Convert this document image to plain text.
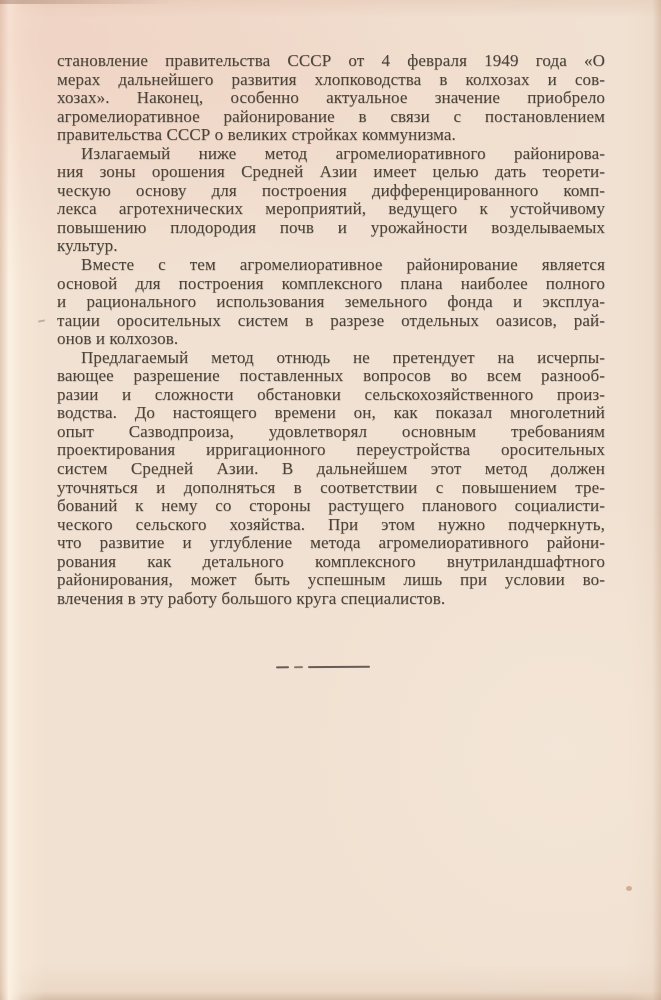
становление правительства СССР от 4 февраля 1949 года «О
мерах дальнейшего развития хлопководства в колхозах и сов-
хозах». Наконец, особенно актуальное значение приобрело
агромелиоративное районирование в связи с постановлением
правительства СССР о великих стройках коммунизма.
Излагаемый ниже метод агромелиоративного районирова-
ния зоны орошения Средней Азии имеет целью дать теорети-
ческую основу для построения дифференцированного комп-
лекса агротехнических мероприятий, ведущего к устойчивому
повышению плодородия почв и урожайности возделываемых
культур.
Вместе с тем агромелиоративное районирование является
основой для построения комплексного плана наиболее полного
и рационального использования земельного фонда и эксплуа-
тации оросительных систем в разрезе отдельных оазисов, рай-
онов и колхозов.
Предлагаемый метод отнюдь не претендует на исчерпы-
вающее разрешение поставленных вопросов во всем разнооб-
разии и сложности обстановки сельскохозяйственного произ-
водства. До настоящего времени он, как показал многолетний
опыт Сазводпроиза, удовлетворял основным требованиям
проектирования ирригационного переустройства оросительных
систем Средней Азии. В дальнейшем этот метод должен
уточняться и дополняться в соответствии с повышением тре-
бований к нему со стороны растущего планового социалисти-
ческого сельского хозяйства. При этом нужно подчеркнуть,
что развитие и углубление метода агромелиоративного райони-
рования как детального комплексного внутриландшафтного
районирования, может быть успешным лишь при условии во-
влечения в эту работу большого круга специалистов.
